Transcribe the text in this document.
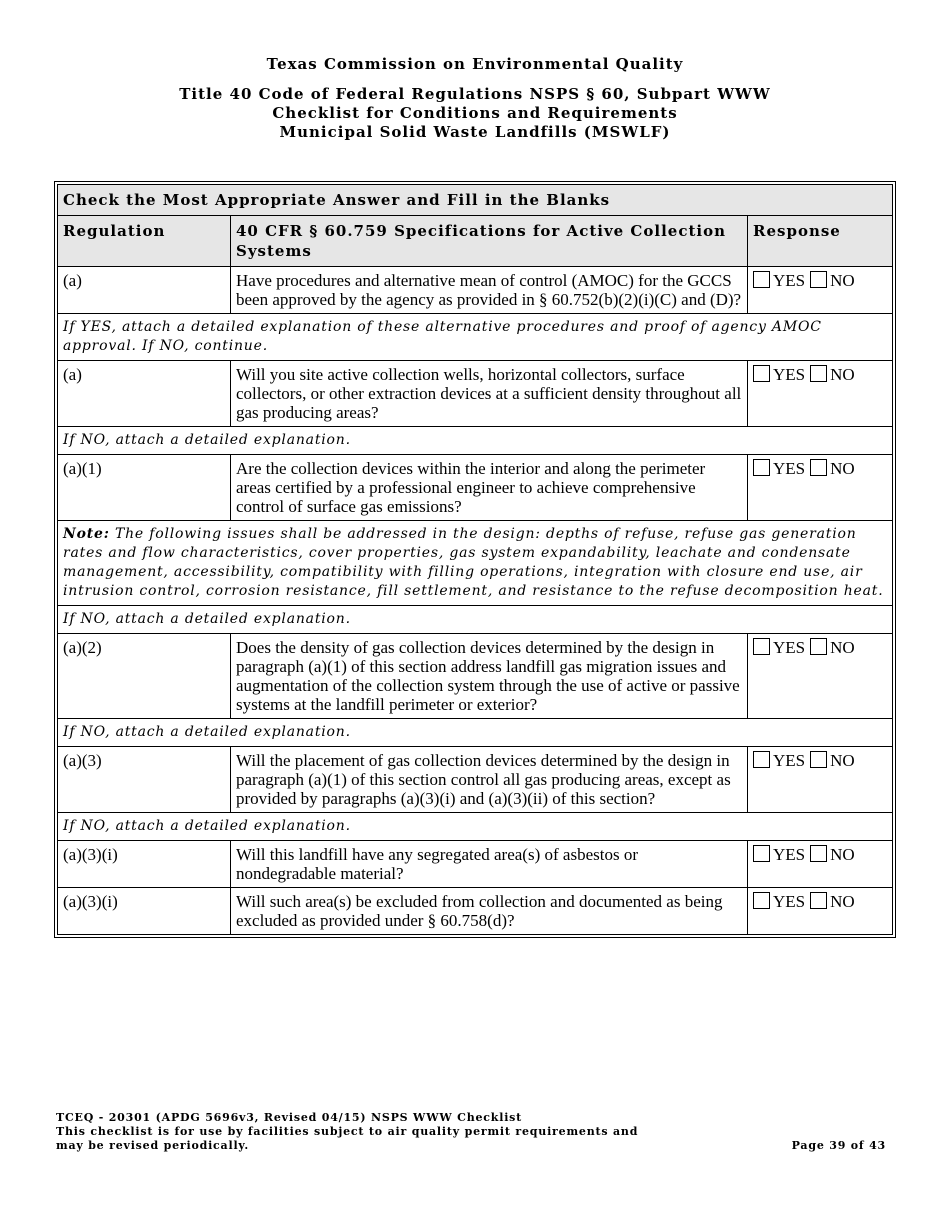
Texas Commission on Environmental Quality
Title 40 Code of Federal Regulations NSPS § 60, Subpart WWW
Checklist for Conditions and Requirements
Municipal Solid Waste Landfills (MSWLF)
Check the Most Appropriate Answer and Fill in the Blanks		
Regulation	40 CFR § 60.759 Specifications for Active Collection Systems	Response
(a)	Have procedures and alternative mean of control (AMOC) for the GCCS been approved by the agency as provided in § 60.752(b)(2)(i)(C) and (D)?	YES NO
If YES, attach a detailed explanation of these alternative procedures and proof of agency AMOC approval. If NO, continue.		
(a)	Will you site active collection wells, horizontal collectors, surface collectors, or other extraction devices at a sufficient density throughout all gas producing areas?	YES NO
If NO, attach a detailed explanation.		
(a)(1)	Are the collection devices within the interior and along the perimeter areas certified by a professional engineer to achieve comprehensive control of surface gas emissions?	YES NO
Note: The following issues shall be addressed in the design: depths of refuse, refuse gas generation rates and flow characteristics, cover properties, gas system expandability, leachate and condensate management, accessibility, compatibility with filling operations, integration with closure end use, air intrusion control, corrosion resistance, fill settlement, and resistance to the refuse decomposition heat.		
If NO, attach a detailed explanation.		
(a)(2)	Does the density of gas collection devices determined by the design in paragraph (a)(1) of this section address landfill gas migration issues and augmentation of the collection system through the use of active or passive systems at the landfill perimeter or exterior?	YES NO
If NO, attach a detailed explanation.		
(a)(3)	Will the placement of gas collection devices determined by the design in paragraph (a)(1) of this section control all gas producing areas, except as provided by paragraphs (a)(3)(i) and (a)(3)(ii) of this section?	YES NO
If NO, attach a detailed explanation.		
(a)(3)(i)	Will this landfill have any segregated area(s) of asbestos or nondegradable material?	YES NO
(a)(3)(i)	Will such area(s) be excluded from collection and documented as being excluded as provided under § 60.758(d)?	YES NO
TCEQ - 20301 (APDG 5696v3, Revised 04/15) NSPS WWW Checklist
This checklist is for use by facilities subject to air quality permit requirements and
may be revised periodically.	Page 39 of 43
